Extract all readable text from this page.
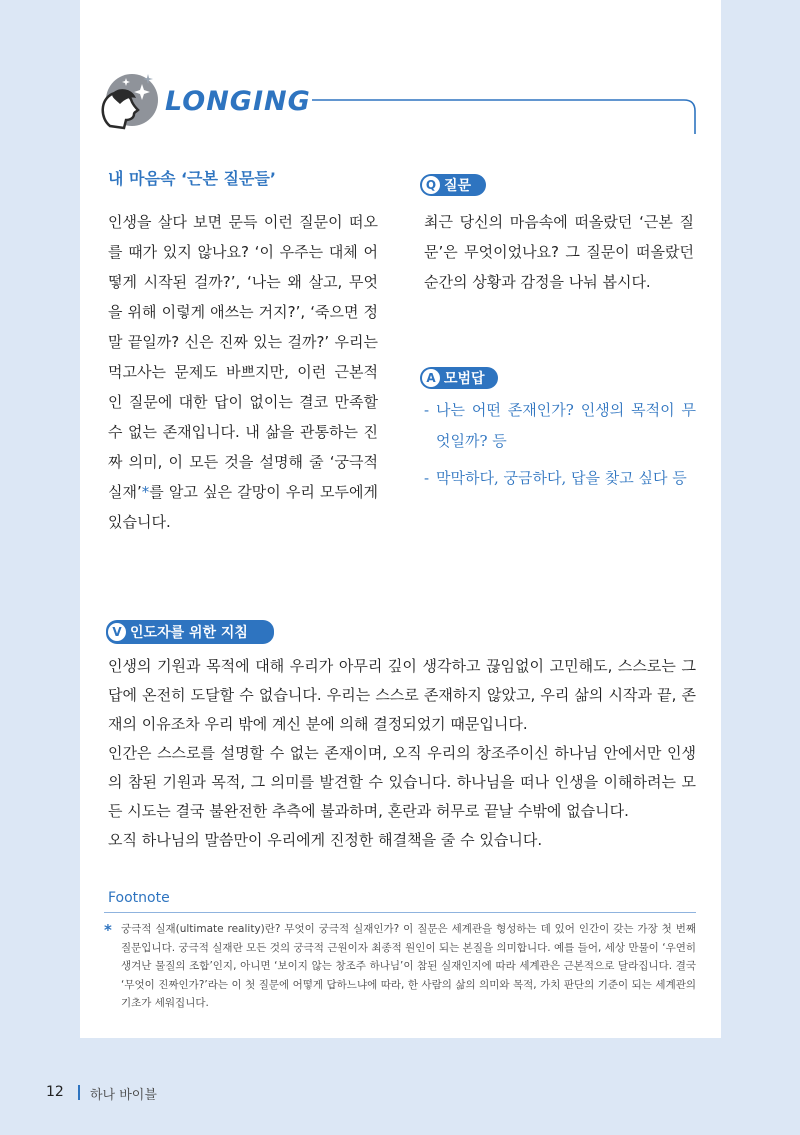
LONGING
내 마음속 ‘근본 질문들’
인생을 살다 보면 문득 이런 질문이 떠오를 때가 있지 않나요? ‘이 우주는 대체 어떻게 시작된 걸까?’, ‘나는 왜 살고, 무엇을 위해 이렇게 애쓰는 거지?’, ‘죽으면 정말 끝일까? 신은 진짜 있는 걸까?’ 우리는 먹고사는 문제도 바쁘지만, 이런 근본적인 질문에 대한 답이 없이는 결코 만족할 수 없는 존재입니다. 내 삶을 관통하는 진짜 의미, 이 모든 것을 설명해 줄 ‘궁극적 실재’*를 알고 싶은 갈망이 우리 모두에게 있습니다.
Q 질문
최근 당신의 마음속에 떠올랐던 ‘근본 질문’은 무엇이었나요? 그 질문이 떠올랐던 순간의 상황과 감정을 나눠 봅시다.
A 모범답
- 나는 어떤 존재인가? 인생의 목적이 무엇일까? 등
- 막막하다, 궁금하다, 답을 찾고 싶다 등
V 인도자를 위한 지침

인생의 기원과 목적에 대해 우리가 아무리 깊이 생각하고 끊임없이 고민해도, 스스로는 그 답에 온전히 도달할 수 없습니다. 우리는 스스로 존재하지 않았고, 우리 삶의 시작과 끝, 존재의 이유조차 우리 밖에 계신 분에 의해 결정되었기 때문입니다.

인간은 스스로를 설명할 수 없는 존재이며, 오직 우리의 창조주이신 하나님 안에서만 인생의 참된 기원과 목적, 그 의미를 발견할 수 있습니다. 하나님을 떠나 인생을 이해하려는 모든 시도는 결국 불완전한 추측에 불과하며, 혼란과 허무로 끝날 수밖에 없습니다.

오직 하나님의 말씀만이 우리에게 진정한 해결책을 줄 수 있습니다.

Footnote
* 궁극적 실재(ultimate reality)란? 무엇이 궁극적 실재인가? 이 질문은 세계관을 형성하는 데 있어 인간이 갖는 가장 첫 번째 질문입니다. 궁극적 실재란 모든 것의 궁극적 근원이자 최종적 원인이 되는 본질을 의미합니다. 예를 들어, 세상 만물이 ‘우연히 생겨난 물질의 조합’인지, 아니면 ‘보이지 않는 창조주 하나님’이 참된 실재인지에 따라 세계관은 근본적으로 달라집니다. 결국 ‘무엇이 진짜인가?’라는 이 첫 질문에 어떻게 답하느냐에 따라, 한 사람의 삶의 의미와 목적, 가치 판단의 기준이 되는 세계관의 기초가 세워집니다.
12 하나 바이블
